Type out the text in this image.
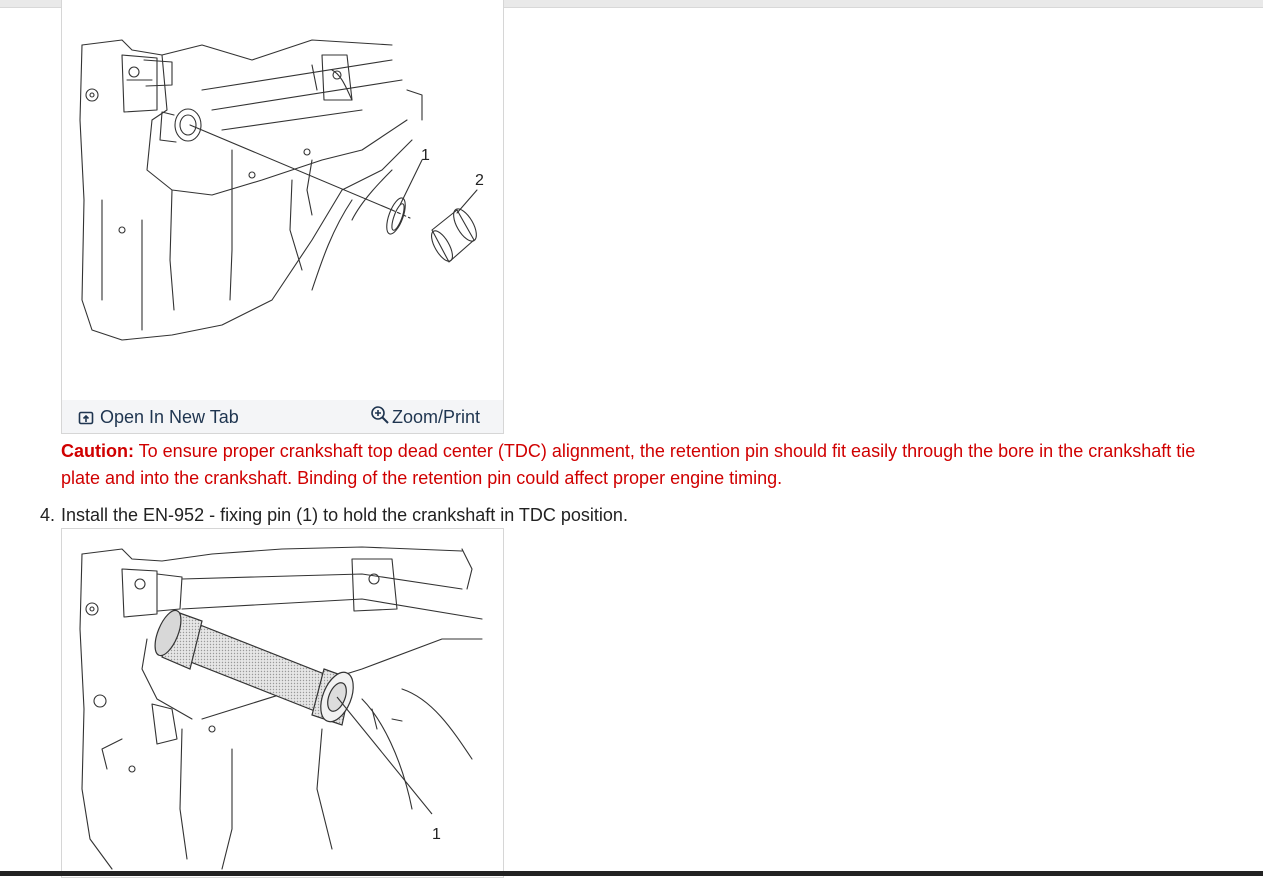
1
2
Open In New Tab	Zoom/Print
Caution: To ensure proper crankshaft top dead center (TDC) alignment, the retention pin should fit easily through the bore in the crankshaft tie plate and into the crankshaft. Binding of the retention pin could affect proper engine timing.
4. Install the EN-952 - fixing pin (1) to hold the crankshaft in TDC position.
1
